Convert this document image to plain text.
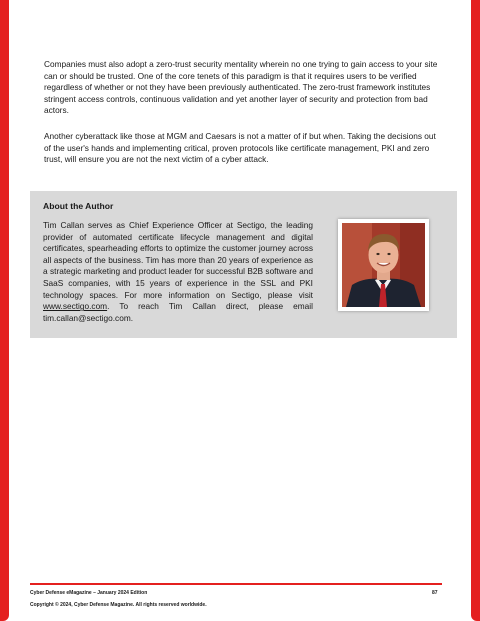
Companies must also adopt a zero-trust security mentality wherein no one trying to gain access to your site can or should be trusted. One of the core tenets of this paradigm is that it requires users to be verified regardless of whether or not they have been previously authenticated. The zero-trust framework institutes stringent access controls, continuous validation and yet another layer of security and protection from bad actors.

Another cyberattack like those at MGM and Caesars is not a matter of if but when. Taking the decisions out of the user's hands and implementing critical, proven protocols like certificate management, PKI and zero trust, will ensure you are not the next victim of a cyber attack.

About the Author

Tim Callan serves as Chief Experience Officer at Sectigo, the leading provider of automated certificate lifecycle management and digital certificates, spearheading efforts to optimize the customer journey across all aspects of the business. Tim has more than 20 years of experience as a strategic marketing and product leader for successful B2B software and SaaS companies, with 15 years of experience in the SSL and PKI technology spaces. For more information on Sectigo, please visit www.sectigo.com. To reach Tim Callan direct, please email tim.callan@sectigo.com.

Cyber Defense eMagazine – January 2024 Edition
Copyright © 2024, Cyber Defense Magazine. All rights reserved worldwide.
87
